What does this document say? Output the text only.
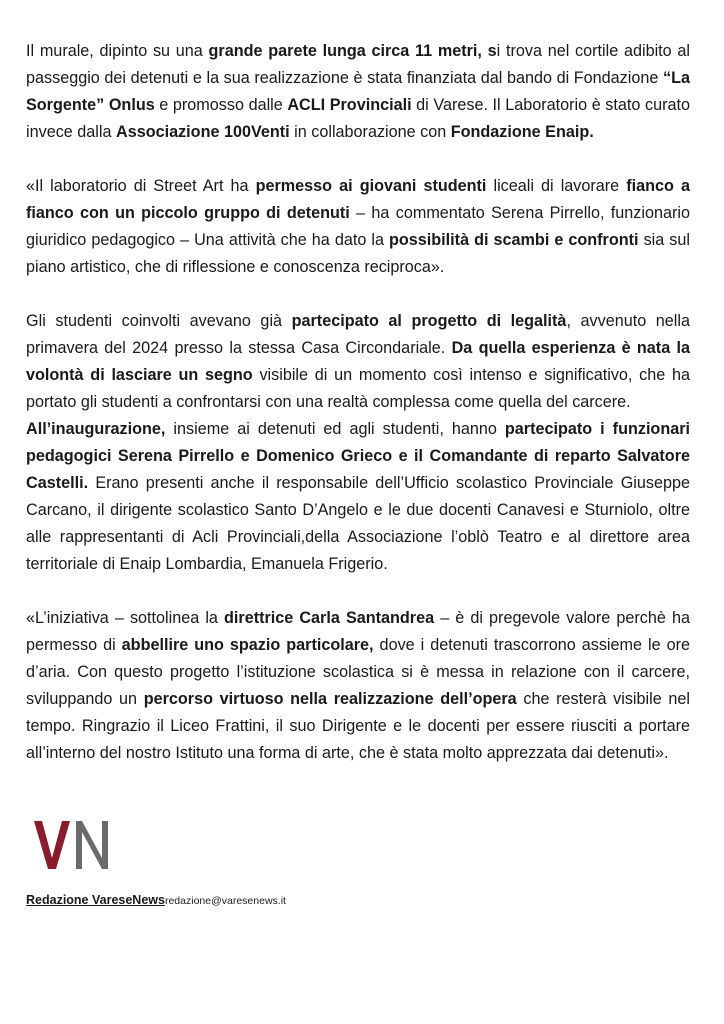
Il murale, dipinto su una grande parete lunga circa 11 metri, si trova nel cortile adibito al passeggio dei detenuti e la sua realizzazione è stata finanziata dal bando di Fondazione “La Sorgente” Onlus e promosso dalle ACLI Provinciali di Varese. Il Laboratorio è stato curato invece dalla Associazione 100Venti in collaborazione con Fondazione Enaip.

«Il laboratorio di Street Art ha permesso ai giovani studenti liceali di lavorare fianco a fianco con un piccolo gruppo di detenuti – ha commentato Serena Pirrello, funzionario giuridico pedagogico – Una attività che ha dato la possibilità di scambi e confronti sia sul piano artistico, che di riflessione e conoscenza reciproca».

Gli studenti coinvolti avevano già partecipato al progetto di legalità, avvenuto nella primavera del 2024 presso la stessa Casa Circondariale. Da quella esperienza è nata la volontà di lasciare un segno visibile di un momento così intenso e significativo, che ha portato gli studenti a confrontarsi con una realtà complessa come quella del carcere.

All’inaugurazione, insieme ai detenuti ed agli studenti, hanno partecipato i funzionari pedagogici Serena Pirrello e Domenico Grieco e il Comandante di reparto Salvatore Castelli. Erano presenti anche il responsabile dell’Ufficio scolastico Provinciale Giuseppe Carcano, il dirigente scolastico Santo D’Angelo e le due docenti Canavesi e Sturniolo, oltre alle rappresentanti di Acli Provinciali,della Associazione l’oblò Teatro e al direttore area territoriale di Enaip Lombardia, Emanuela Frigerio.

«L’iniziativa – sottolinea la direttrice Carla Santandrea – è di pregevole valore perchè ha permesso di abbellire uno spazio particolare, dove i detenuti trascorrono assieme le ore d’aria. Con questo progetto l’istituzione scolastica si è messa in relazione con il carcere, sviluppando un percorso virtuoso nella realizzazione dell’opera che resterà visibile nel tempo. Ringrazio il Liceo Frattini, il suo Dirigente e le docenti per essere riusciti a portare all’interno del nostro Istituto una forma di arte, che è stata molto apprezzata dai detenuti».

Redazione VareseNewsredazione@varesenews.it
